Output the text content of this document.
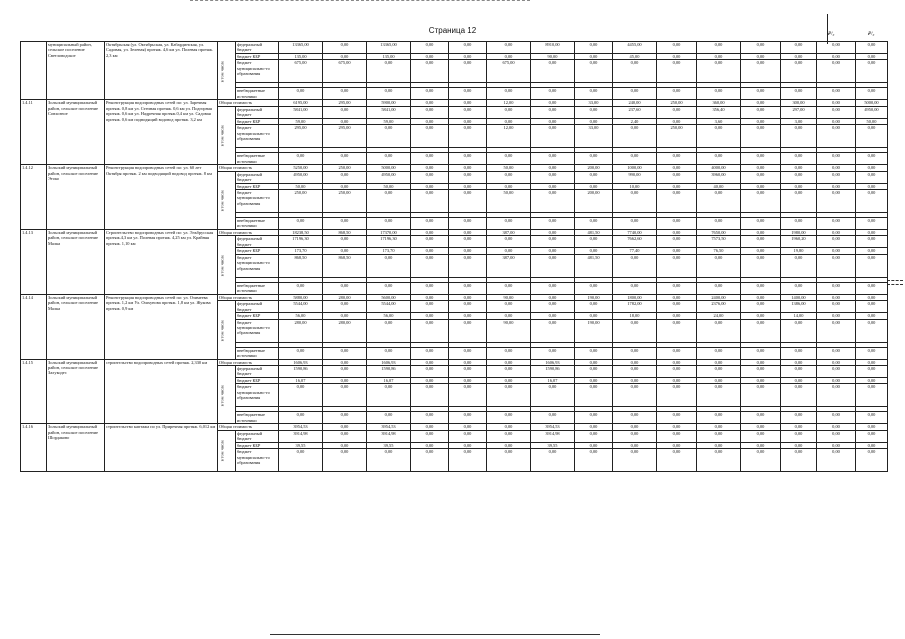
Страница 12	₽/₀	₽/₀
	муниципальный район, сельское поселение Светловодское	Октябрьская (ул. Октябрьская, ул. Кабардинская, ул. Садовая, ул. Зеленая) протяж. 4,6 км ул. Полевая протяж. 2,3 км	в том числе	федеральный бюджет	13365,00	0,00	13365,00	0,00	0,00	0,00	8910,00	0,00	4455,00	0,00	0,00	0,00	0,00	0,00	0,00
				бюджет КБР	135,00	0,00	135,00	0,00	0,00	0,00	90,00	0,00	45,00	0,00	0,00	0,00	0,00	0,00	0,00
				бюджет муниципально-го образования	675,00	675,00	0,00	0,00	0,00	675,00	0,00	0,00	0,00	0,00	0,00	0,00	0,00	0,00	0,00

				внебюджетные источники	0,00	0,00	0,00	0,00	0,00	0,00	0,00	0,00	0,00	0,00	0,00	0,00	0,00	0,00	0,00
1.4.11	Зольский муниципальный район, сельское поселение Совхозное	Реконструкция водопроводных сетей по: ул. Заречная протяж. 0,8 км ул. Степная протяж. 0,6 км ул. Подгорная протяж. 0,6 км ул. Надречная протяж.0,4 км ул. Садовая протяж. 0,6 км подводящий водовод протяж. 3,2 км	Общая стоимость		6195,00	295,00	5900,00	0,00	0,00	12,00	0,00	33,00	240,00	250,00	360,00	0,00	300,00	0,00	5000,00
			в том числе	федеральный бюджет	5841,00	0,00	5841,00	0,00	0,00	0,00	0,00	0,00	237,60	0,00	356,40	0,00	297,00	0,00	4950,00
				бюджет КБР	59,00	0,00	59,00	0,00	0,00	0,00	0,00	0,00	2,40	0,00	3,60	0,00	3,00	0,00	50,00
				бюджет муниципально-го образования	295,00	295,00	0,00	0,00	0,00	12,00	0,00	33,00	0,00	250,00	0,00	0,00	0,00	0,00	0,00

				внебюджетные источники	0,00	0,00	0,00	0,00	0,00	0,00	0,00	0,00	0,00	0,00	0,00	0,00	0,00	0,00	0,00
1.4.12	Зольский муниципальный район, сельское поселение Этоко	Реконструкция водопроводных сетей по: ул. 60 лет Октября протяж. 2 км подводящий водовод протяж. 8 км	Общая стоимость		5250,00	250,00	5000,00	0,00	0,00	50,00	0,00	200,00	1000,00	0,00	4000,00	0,00	0,00	0,00	0,00
			в том числе	федеральный бюджет	4950,00	0,00	4950,00	0,00	0,00	0,00	0,00	0,00	990,00	0,00	3960,00	0,00	0,00	0,00	0,00
				бюджет КБР	50,00	0,00	50,00	0,00	0,00	0,00	0,00	0,00	10,00	0,00	40,00	0,00	0,00	0,00	0,00
				бюджет муниципально-го образования	250,00	250,00	0,00	0,00	0,00	50,00	0,00	200,00	0,00	0,00	0,00	0,00	0,00	0,00	0,00

				внебюджетные источники	0,00	0,00	0,00	0,00	0,00	0,00	0,00	0,00	0,00	0,00	0,00	0,00	0,00	0,00	0,00
1.4.13	Зольский муниципальный район, сельское поселение Малка	Строительство водопроводных сетей по: ул. Эльбрусская протяж.4,3 км ул. Полевая протяж. 4,25 км ул. Крайняя протяж. 1,10 км	Общая стоимость		18238,50	868,50	17370,00	0,00	0,00	387,00	0,00	481,50	7740,00	0,00	7650,00	0,00	1980,00	0,00	0,00
			в том числе	федеральный бюджет	17196,30	0,00	17196,30	0,00	0,00	0,00	0,00	0,00	7662,60	0,00	7573,50	0,00	1960,20	0,00	0,00
				бюджет КБР	173,70	0,00	173,70	0,00	0,00	0,00	0,00	0,00	77,40	0,00	76,50	0,00	19,80	0,00	0,00
				бюджет муниципально-го образования	868,50	868,50	0,00	0,00	0,00	387,00	0,00	481,50	0,00	0,00	0,00	0,00	0,00	0,00	0,00

				внебюджетные источники	0,00	0,00	0,00	0,00	0,00	0,00	0,00	0,00	0,00	0,00	0,00	0,00	0,00	0,00	0,00
1.4.14	Зольский муниципальный район, сельское поселение Малка	Реконструкция водопроводных сетей по: ул. Озимеева протяж. 1,2 км Ул. Ошхунова протяж. 1,8 км ул. Жукова протяж. 0,9 км	Общая стоимость		5880,00	280,00	5600,00	0,00	0,00	90,00	0,00	190,00	1800,00	0,00	2400,00	0,00	1400,00	0,00	0,00
			в том числе	федеральный бюджет	5544,00	0,00	5544,00	0,00	0,00	0,00	0,00	0,00	1782,00	0,00	2376,00	0,00	1386,00	0,00	0,00
				бюджет КБР	56,00	0,00	56,00	0,00	0,00	0,00	0,00	0,00	18,00	0,00	24,00	0,00	14,00	0,00	0,00
				бюджет муниципально-го образования	280,00	280,00	0,00	0,00	0,00	90,00	0,00	190,00	0,00	0,00	0,00	0,00	0,00	0,00	0,00

				внебюджетные источники	0,00	0,00	0,00	0,00	0,00	0,00	0,00	0,00	0,00	0,00	0,00	0,00	0,00	0,00	0,00
1.4.15	Зольский муниципальный район, сельское поселение Залукодес	строительство водопроводных сетей протяж. 2,330 км	Общая стоимость		1606,93	0,00	1606,93	0,00	0,00	0,00	1606,93	0,00	0,00	0,00	0,00	0,00	0,00	0,00	0,00
			в том числе	федеральный бюджет	1590,86	0,00	1590,86	0,00	0,00	0,00	1590,86	0,00	0,00	0,00	0,00	0,00	0,00	0,00	0,00
				бюджет КБР	16,07	0,00	16,07	0,00	0,00	0,00	16,07	0,00	0,00	0,00	0,00	0,00	0,00	0,00	0,00
				бюджет муниципально-го образования	0,00	0,00	0,00	0,00	0,00	0,00	0,00	0,00	0,00	0,00	0,00	0,00	0,00	0,00	0,00

				внебюджетные источники	0,00	0,00	0,00	0,00	0,00	0,00	0,00	0,00	0,00	0,00	0,00	0,00	0,00	0,00	0,00
1.4.16	Зольский муниципальный район, сельское поселение Шордаково	строительство каптажа по ул. Приречная протяж. 6,012 км	Общая стоимость		3954,53	0,00	3954,53	0,00	0,00	0,00	3954,53	0,00	0,00	0,00	0,00	0,00	0,00	0,00	0,00
			в том числе	федеральный бюджет	3914,98	0,00	3914,98	0,00	0,00	0,00	3914,98	0,00	0,00	0,00	0,00	0,00	0,00	0,00	0,00
				бюджет КБР	39,55	0,00	39,55	0,00	0,00	0,00	39,55	0,00	0,00	0,00	0,00	0,00	0,00	0,00	0,00
				бюджет муниципально-го образования	0,00	0,00	0,00	0,00	0,00	0,00	0,00	0,00	0,00	0,00	0,00	0,00	0,00	0,00	0,00
